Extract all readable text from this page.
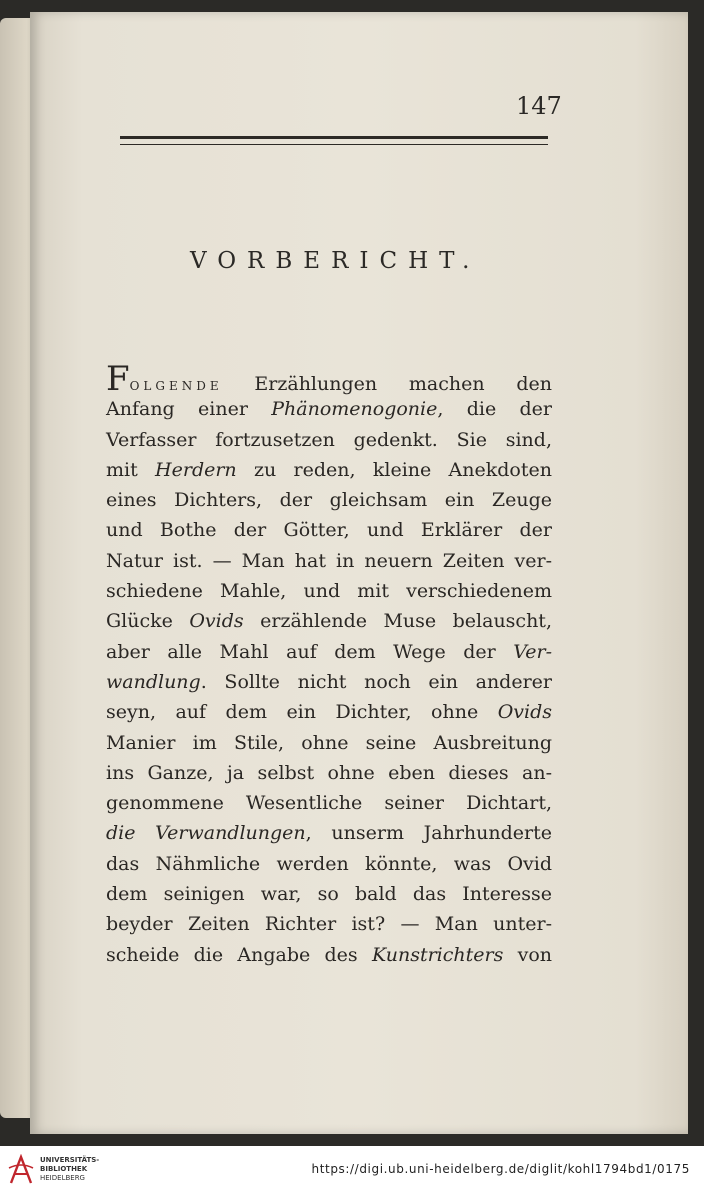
147
VORBERICHT.
FOLGENDE Erzählungen machen den
Anfang einer Phänomenogonie, die der
Verfasser fortzusetzen gedenkt. Sie sind,
mit Herdern zu reden, kleine Anekdoten
eines Dichters, der gleichsam ein Zeuge
und Bothe der Götter, und Erklärer der
Natur ist. — Man hat in neuern Zeiten ver-
schiedene Mahle, und mit verschiedenem
Glücke Ovids erzählende Muse belauscht,
aber alle Mahl auf dem Wege der Ver-
wandlung. Sollte nicht noch ein anderer
seyn, auf dem ein Dichter, ohne Ovids
Manier im Stile, ohne seine Ausbreitung
ins Ganze, ja selbst ohne eben dieses an-
genommene Wesentliche seiner Dichtart,
die Verwandlungen, unserm Jahrhunderte
das Nähmliche werden könnte, was Ovid
dem seinigen war, so bald das Interesse
beyder Zeiten Richter ist? — Man unter-
scheide die Angabe des Kunstrichters von
UNIVERSITÄTS-
BIBLIOTHEK
HEIDELBERG
https://digi.ub.uni-heidelberg.de/diglit/kohl1794bd1/0175
